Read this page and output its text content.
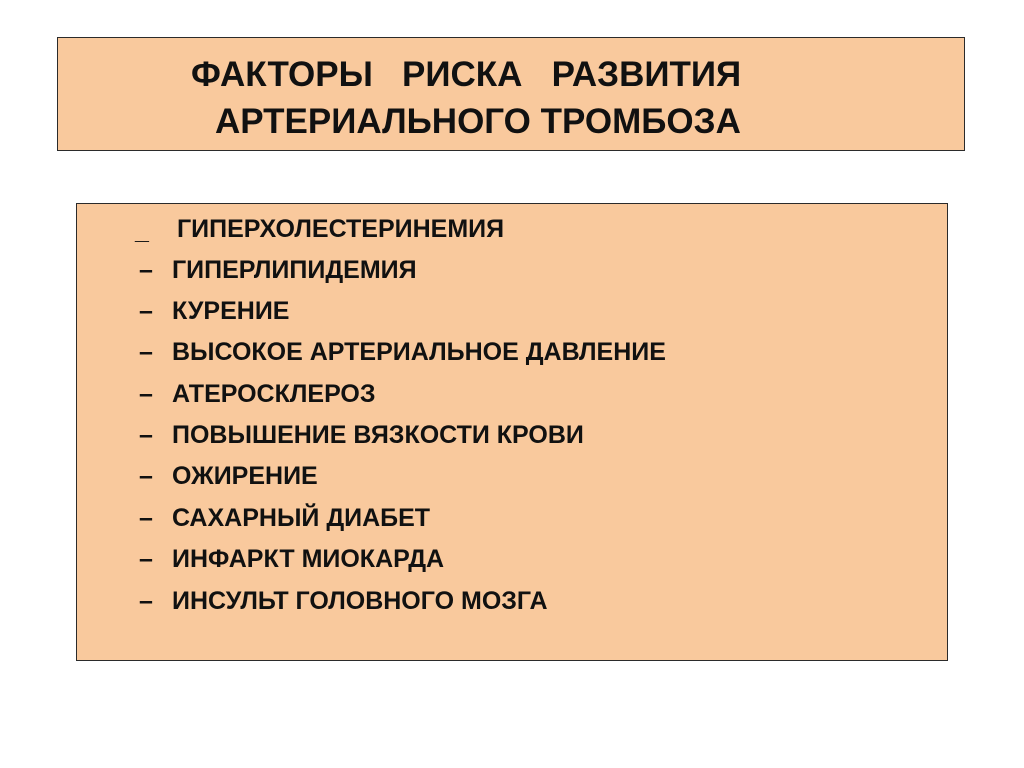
ФАКТОРЫ   РИСКА   РАЗВИТИЯ
АРТЕРИАЛЬНОГО ТРОМБОЗА
_ ГИПЕРХОЛЕСТЕРИНЕМИЯ
– ГИПЕРЛИПИДЕМИЯ
– КУРЕНИЕ
– ВЫСОКОЕ АРТЕРИАЛЬНОЕ ДАВЛЕНИЕ
– АТЕРОСКЛЕРОЗ
– ПОВЫШЕНИЕ ВЯЗКОСТИ КРОВИ
– ОЖИРЕНИЕ
– САХАРНЫЙ ДИАБЕТ
– ИНФАРКТ МИОКАРДА
– ИНСУЛЬТ ГОЛОВНОГО МОЗГА
